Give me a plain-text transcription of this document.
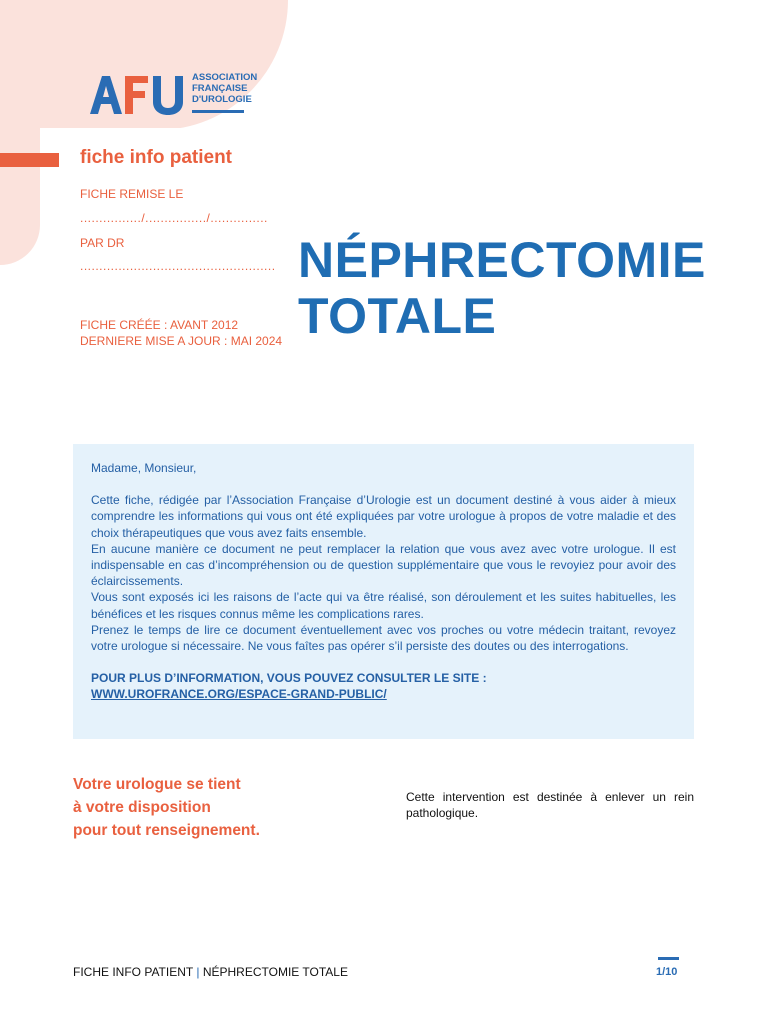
ASSOCIATION
FRANÇAISE
D'UROLOGIE
fiche info patient
FICHE REMISE LE
................/................/...............
PAR DR
...................................................
FICHE CRÉÉE : AVANT 2012
DERNIERE MISE A JOUR : MAI 2024
NÉPHRECTOMIE
TOTALE

Madame, Monsieur,

Cette fiche, rédigée par l’Association Française d’Urologie est un document destiné à vous aider à mieux comprendre les informations qui vous ont été expliquées par votre urologue à propos de votre maladie et des choix thérapeutiques que vous avez faits ensemble.

En aucune manière ce document ne peut remplacer la relation que vous avez avec votre urologue. Il est indispensable en cas d’incompréhension ou de question supplémentaire que vous le revoyiez pour avoir des éclaircissements.

Vous sont exposés ici les raisons de l’acte qui va être réalisé, son déroulement et les suites habituelles, les bénéfices et les risques connus même les complications rares.

Prenez le temps de lire ce document éventuellement avec vos proches ou votre médecin traitant, revoyez votre urologue si nécessaire. Ne vous faîtes pas opérer s’il persiste des doutes ou des interrogations.

POUR PLUS D’INFORMATION, VOUS POUVEZ CONSULTER LE SITE :

WWW.UROFRANCE.ORG/ESPACE-GRAND-PUBLIC/

Votre urologue se tient
à votre disposition
pour tout renseignement.
Cette intervention est destinée à enlever un rein pathologique.
FICHE INFO PATIENT | NÉPHRECTOMIE TOTALE	1/10
